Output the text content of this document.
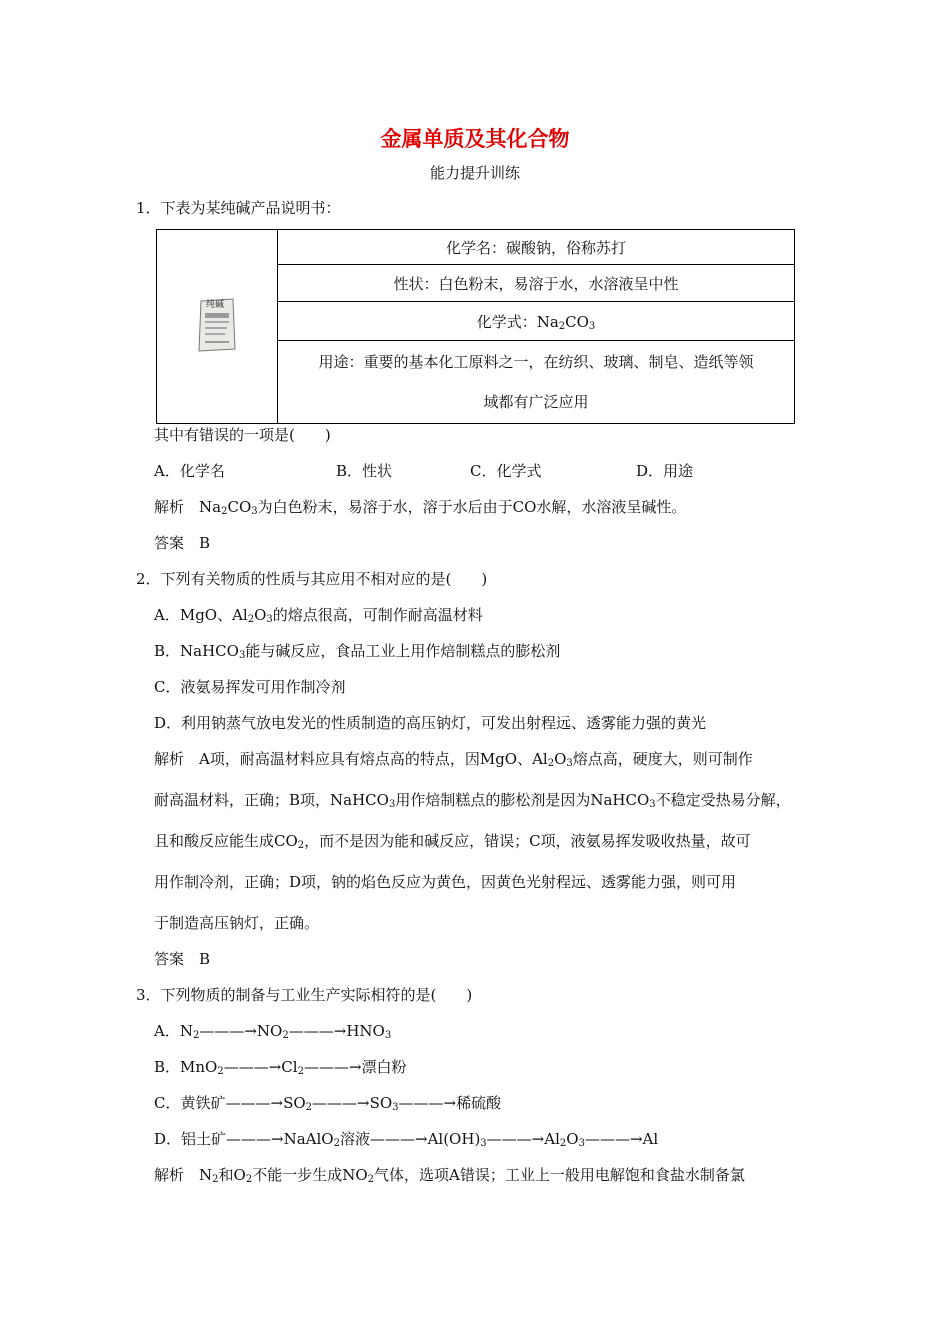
金属单质及其化合物
能力提升训练
1．下表为某纯碱产品说明书：
纯碱
	化学名：碳酸钠，俗称苏打
性状：白色粉末，易溶于水，水溶液呈中性
化学式：$Na_2CO_3$

用途：重要的基本化工原料之一，在纺织、玻璃、制皂、造纸等领
域都有广泛应用
其中有错误的一项是(　　)
A．化学名	B．性状	C．化学式	D．用途
解析　 $Na_2CO_3$为白色粉末，易溶于水，溶于水后由于CO水解，水溶液呈碱性。
答案　B
2．下列有关物质的性质与其应用不相对应的是(　　)
A．MgO、$Al_2O_3$的熔点很高，可制作耐高温材料
B．NaHCO$_3$能与碱反应，食品工业上用作焙制糕点的膨松剂
C．液氨易挥发可用作制冷剂
D．利用钠蒸气放电发光的性质制造的高压钠灯，可发出射程远、透雾能力强的黄光
解析　A项，耐高温材料应具有熔点高的特点，因MgO、$Al_2O_3$熔点高，硬度大，则可制作
耐高温材料，正确；B项，NaHCO$_3$用作焙制糕点的膨松剂是因为NaHCO$_3$不稳定受热易分解，
且和酸反应能生成$CO_2$，而不是因为能和碱反应，错误；C项，液氨易挥发吸收热量，故可
用作制冷剂，正确；D项，钠的焰色反应为黄色，因黄色光射程远、透雾能力强，则可用
于制造高压钠灯，正确。
答案　B
3．下列物质的制备与工业生产实际相符的是(　　)
A．$N_2———\to NO_2———\to HNO_3$
B．$MnO_2———\to Cl_2———\to$漂白粉
C．黄铁矿$———\to SO_2———\to SO_3———\to$稀硫酸
D．铝土矿———→NaAlO$_2$溶液$———\to Al(OH)_3———\to Al_2O_3———\to Al$
解析　$N_2$和$O_2$不能一步生成$NO_2$气体，选项A错误；工业上一般用电解饱和食盐水制备氯
